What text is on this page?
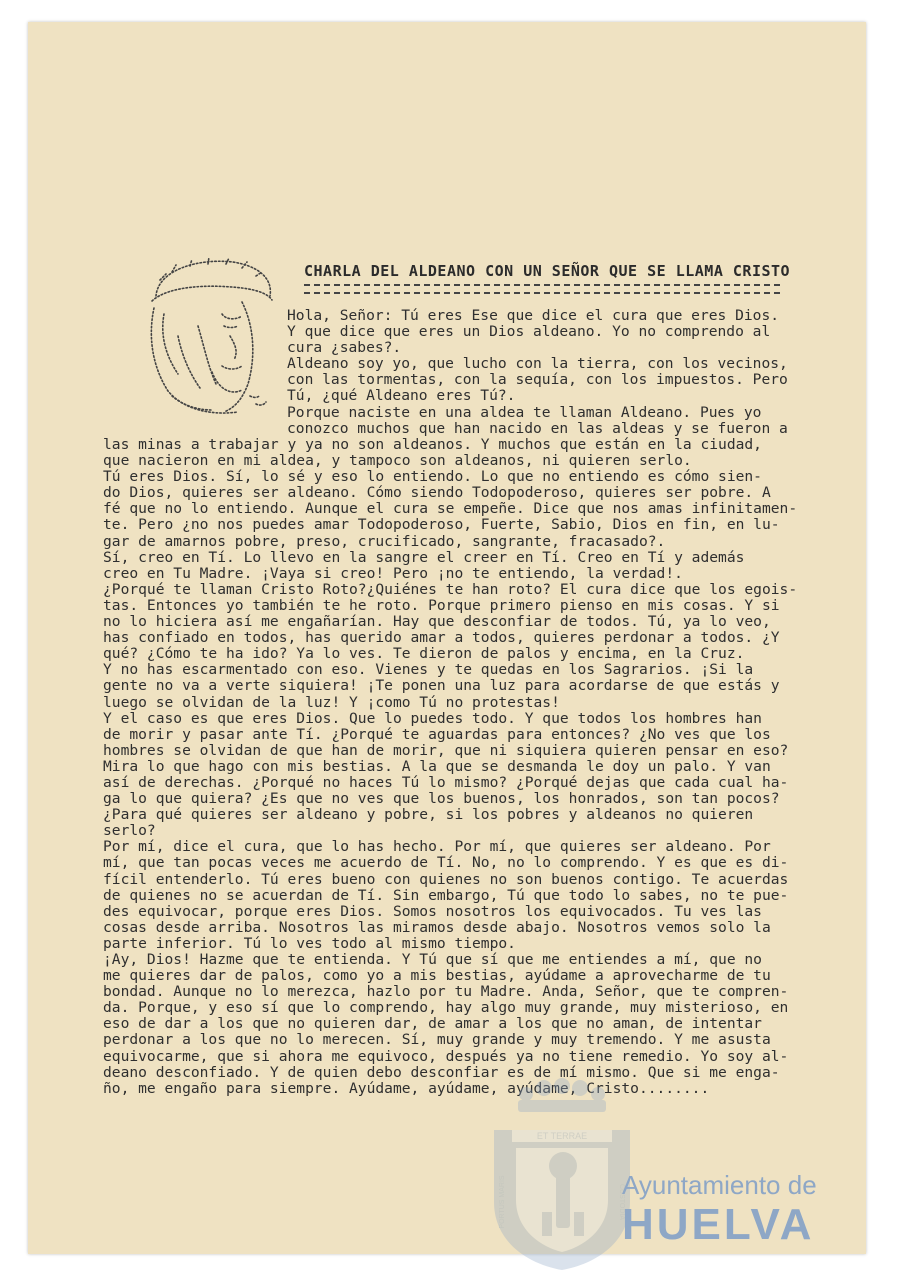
CHARLA DEL ALDEANO CON UN SEÑOR QUE SE LLAMA CRISTO
Hola, Señor: Tú eres Ese que dice el cura que eres Dios.
Y que dice que eres un Dios aldeano. Yo no comprendo al
cura ¿sabes?.
Aldeano soy yo, que lucho con la tierra, con los vecinos,
con las tormentas, con la sequía, con los impuestos. Pero
Tú, ¿qué Aldeano eres Tú?.
Porque naciste en una aldea te llaman Aldeano. Pues yo
conozco muchos que han nacido en las aldeas y se fueron a
las minas a trabajar y ya no son aldeanos. Y muchos que están en la ciudad,
que nacieron en mi aldea, y tampoco son aldeanos, ni quieren serlo.
Tú eres Dios. Sí, lo sé y eso lo entiendo. Lo que no entiendo es cómo sien-
do Dios, quieres ser aldeano. Cómo siendo Todopoderoso, quieres ser pobre. A
fé que no lo entiendo. Aunque el cura se empeñe. Dice que nos amas infinitamen-
te. Pero ¿no nos puedes amar Todopoderoso, Fuerte, Sabio, Dios en fin, en lu-
gar de amarnos pobre, preso, crucificado, sangrante, fracasado?.
Sí, creo en Tí. Lo llevo en la sangre el creer en Tí. Creo en Tí y además
creo en Tu Madre. ¡Vaya si creo! Pero ¡no te entiendo, la verdad!.
¿Porqué te llaman Cristo Roto?¿Quiénes te han roto? El cura dice que los egois-
tas. Entonces yo también te he roto. Porque primero pienso en mis cosas. Y si
no lo hiciera así me engañarían. Hay que desconfiar de todos. Tú, ya lo veo,
has confiado en todos, has querido amar a todos, quieres perdonar a todos. ¿Y
qué? ¿Cómo te ha ido? Ya lo ves. Te dieron de palos y encima, en la Cruz.
Y no has escarmentado con eso. Vienes y te quedas en los Sagrarios. ¡Si la
gente no va a verte siquiera! ¡Te ponen una luz para acordarse de que estás y
luego se olvidan de la luz! Y ¡como Tú no protestas!
Y el caso es que eres Dios. Que lo puedes todo. Y que todos los hombres han
de morir y pasar ante Tí. ¿Porqué te aguardas para entonces? ¿No ves que los
hombres se olvidan de que han de morir, que ni siquiera quieren pensar en eso?
Mira lo que hago con mis bestias. A la que se desmanda le doy un palo. Y van
así de derechas. ¿Porqué no haces Tú lo mismo? ¿Porqué dejas que cada cual ha-
ga lo que quiera? ¿Es que no ves que los buenos, los honrados, son tan pocos?
¿Para qué quieres ser aldeano y pobre, si los pobres y aldeanos no quieren
serlo?
Por mí, dice el cura, que lo has hecho. Por mí, que quieres ser aldeano. Por
mí, que tan pocas veces me acuerdo de Tí. No, no lo comprendo. Y es que es di-
fícil entenderlo. Tú eres bueno con quienes no son buenos contigo. Te acuerdas
de quienes no se acuerdan de Tí. Sin embargo, Tú que todo lo sabes, no te pue-
des equivocar, porque eres Dios. Somos nosotros los equivocados. Tu ves las
cosas desde arriba. Nosotros las miramos desde abajo. Nosotros vemos solo la
parte inferior. Tú lo ves todo al mismo tiempo.
¡Ay, Dios! Hazme que te entienda. Y Tú que sí que me entiendes a mí, que no
me quieres dar de palos, como yo a mis bestias, ayúdame a aprovecharme de tu
bondad. Aunque no lo merezca, hazlo por tu Madre. Anda, Señor, que te compren-
da. Porque, y eso sí que lo comprendo, hay algo muy grande, muy misterioso, en
eso de dar a los que no quieren dar, de amar a los que no aman, de intentar
perdonar a los que no lo merecen. Sí, muy grande y muy tremendo. Y me asusta
equivocarme, que si ahora me equivoco, después ya no tiene remedio. Yo soy al-
deano desconfiado. Y de quien debo desconfiar es de mí mismo. Que si me enga-
ño, me engaño para siempre. Ayúdame, ayúdame, ayúdame, Cristo........
ET TERRAE
PORTUS MARIS	CUSTODIA
Ayuntamiento de
HUELVA
